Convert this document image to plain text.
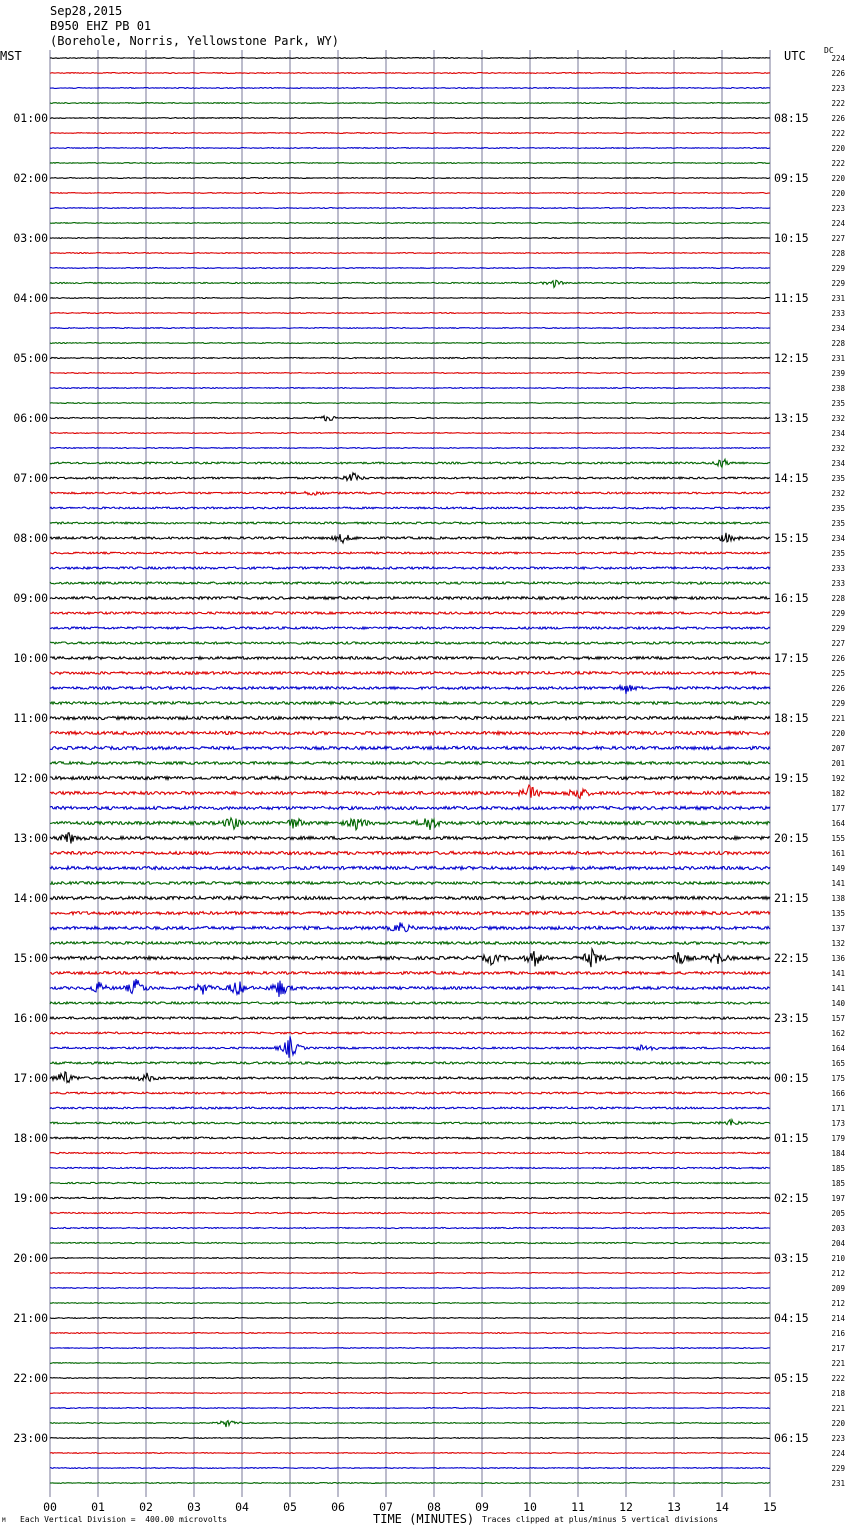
Sep28,2015
B950 EHZ PB 01
(Borehole, Norris, Yellowstone Park, WY)
MST	UTC DC
224
226
223
222
226
222
220
222
220
220
223
224
227
228
229
229
231
233
234
228
231
239
238
235
232
234
232
234
235
232
235
235
234
235
233
233
228
229
229
227
226
225
226
229
221
220
207
201
192
182
177
164
155
161
149
141
138
135
137
132
136
141
141
140
157
162
164
165
175
166
171
173
179
184
185
185
197
205
203
204
210
212
209
212
214
216
217
221
222
218
221
220
223
224
229
231
01:00
02:00
03:00
04:00
05:00
06:00
07:00
08:00
09:00
10:00
11:00
12:00
13:00
14:00
15:00
16:00
17:00
18:00
19:00
20:00
21:00
22:00
23:00
08:15
09:15
10:15
11:15
12:15
13:15
14:15
15:15
16:15
17:15
18:15
19:15
20:15
21:15
22:15
23:15
00:15
01:15
02:15
03:15
04:15
05:15
06:15
00	01	02	03	04	05	06	07	08	09	10	11	12	13	14	15
TIME (MINUTES)
Each Vertical Division =  400.00 microvolts	Traces clipped at plus/minus 5 vertical divisions
M
